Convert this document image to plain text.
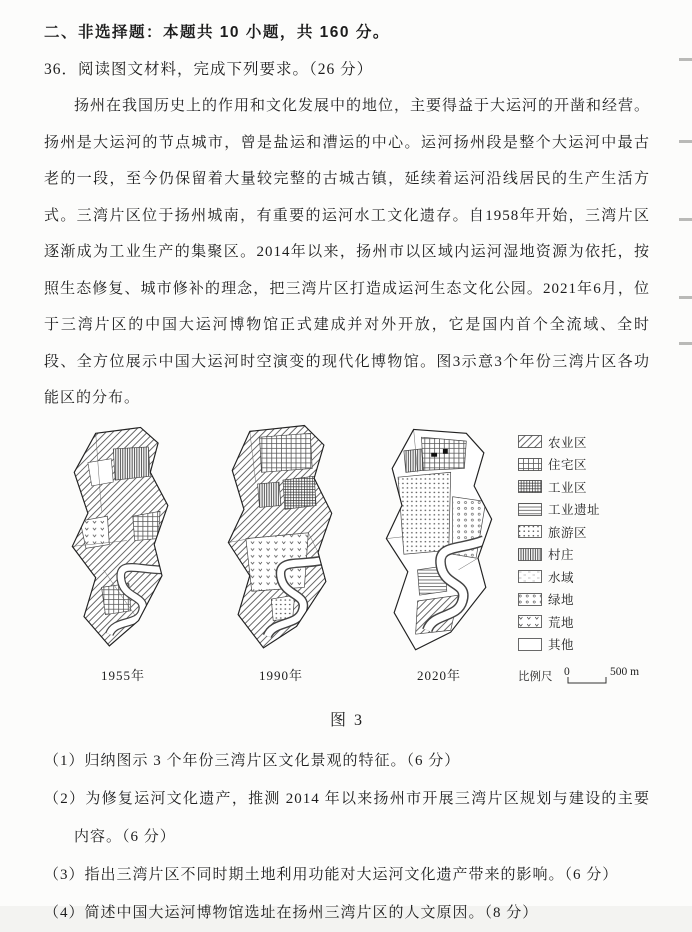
二、非选择题：本题共 10 小题，共 160 分。
36．阅读图文材料，完成下列要求。（26 分）
扬州在我国历史上的作用和文化发展中的地位，主要得益于大运河的开凿和经营。扬州是大运河的节点城市，曾是盐运和漕运的中心。运河扬州段是整个大运河中最古老的一段，至今仍保留着大量较完整的古城古镇，延续着运河沿线居民的生产生活方式。三湾片区位于扬州城南，有重要的运河水工文化遗存。自1958年开始，三湾片区逐渐成为工业生产的集聚区。2014年以来，扬州市以区域内运河湿地资源为依托，按照生态修复、城市修补的理念，把三湾片区打造成运河生态文化公园。2021年6月，位于三湾片区的中国大运河博物馆正式建成并对外开放，它是国内首个全流域、全时段、全方位展示中国大运河时空演变的现代化博物馆。图3示意3个年份三湾片区各功能区的分布。
1955年	1990年	2020年
农业区
住宅区
工业区
工业遗址
旅游区
村庄
水域
绿地
荒地
其他
比例尺 0	500 m
图 3

（1）归纳图示 3 个年份三湾片区文化景观的特征。（6 分）

（2）为修复运河文化遗产，推测 2014 年以来扬州市开展三湾片区规划与建设的主要内容。（6 分）

（3）指出三湾片区不同时期土地利用功能对大运河文化遗产带来的影响。（6 分）

（4）简述中国大运河博物馆选址在扬州三湾片区的人文原因。（8 分）
